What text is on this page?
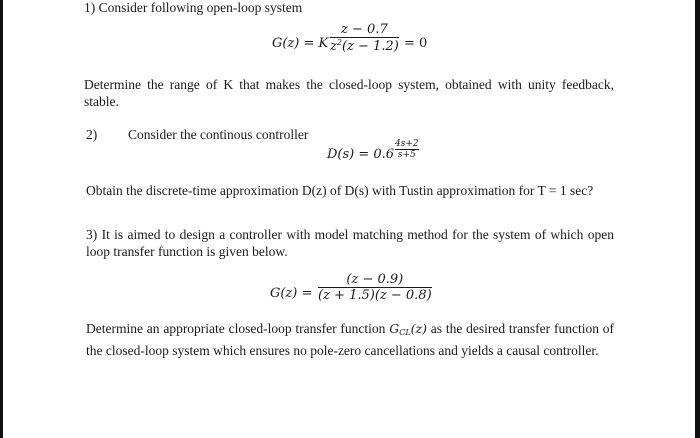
1) Consider following open-loop system
G(z) = K
z − 0.7
$z^2(z - 1.2) = 0$
Determine the range of K that makes the closed-loop system, obtained with unity feedback, stable.
2) Consider the continous controller
D(s) = 0.6
4s+2
s+5
Obtain the discrete-time approximation D(z) of D(s) with Tustin approximation for T = 1 sec?
3) It is aimed to design a controller with model matching method for the system of which open loop transfer function is given below.
G(z) =
(z − 0.9)
(z + 1.5)(z − 0.8)
Determine an appropriate closed-loop transfer function $G_{CL}(z)$ as the desired transfer function of the closed-loop system which ensures no pole-zero cancellations and yields a causal controller.
